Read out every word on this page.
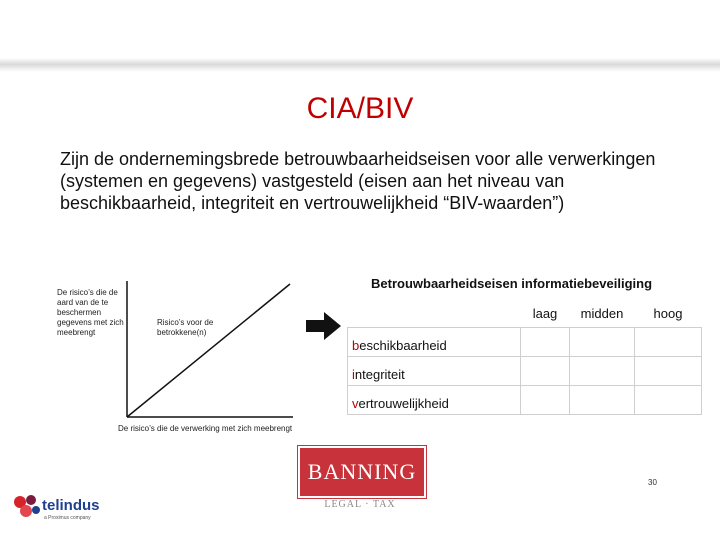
CIA/BIV
Zijn de ondernemingsbrede betrouwbaarheidseisen voor alle verwerkingen (systemen en gegevens) vastgesteld (eisen aan het niveau van beschikbaarheid, integriteit en vertrouwelijkheid “BIV-waarden”)
De risico’s die de aard van de te beschermen gegevens met zich meebrengt
Risico’s voor de betrokkene(n)
De risico’s die de verwerking met zich meebrengt
Betrouwbaarheidseisen informatiebeveiliging

	laag	midden	hoog

beschikbaarheid			

integriteit			

vertrouwelijkheid			

BANNING
LEGAL · TAX
30
telindus
a Proximus company
